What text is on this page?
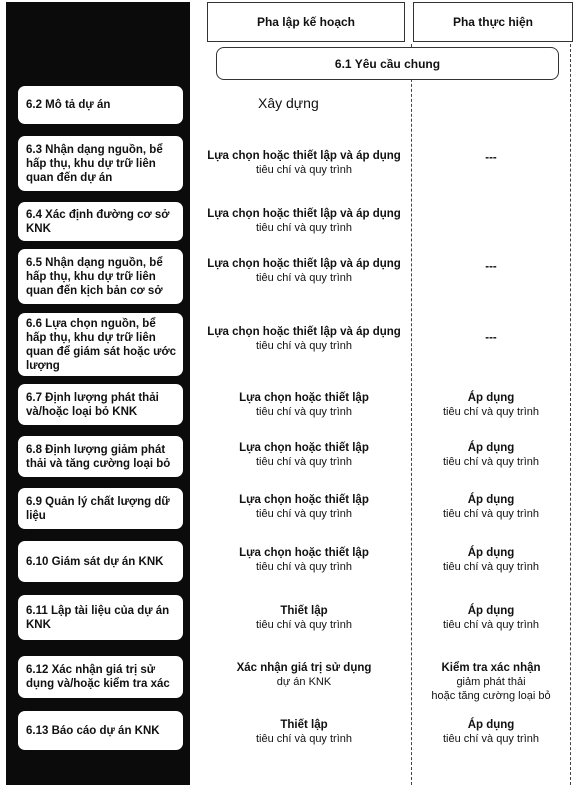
Pha lập kế hoạch	Pha thực hiện
6.1 Yêu cầu chung
6.2 Mô tả dự án
6.3 Nhận dạng nguồn, bể hấp thụ, khu dự trữ liên quan đến dự án
6.4 Xác định đường cơ sở KNK
6.5 Nhận dạng nguồn, bể hấp thụ, khu dự trữ liên quan đến kịch bản cơ sở
6.6 Lựa chọn nguồn, bể hấp thụ, khu dự trữ liên quan để giám sát hoặc ước lượng
6.7 Định lượng phát thải và/hoặc loại bỏ KNK
6.8 Định lượng giảm phát thải và tăng cường loại bỏ
6.9 Quản lý chất lượng dữ liệu
6.10 Giám sát dự án KNK
6.11 Lập tài liệu của dự án KNK
6.12 Xác nhận giá trị sử dụng và/hoặc kiểm tra xác
6.13 Báo cáo dự án KNK
Xây dựng
Lựa chọn hoặc thiết lập và áp dụng
tiêu chí và quy trình
Lựa chọn hoặc thiết lập và áp dụng
tiêu chí và quy trình
Lựa chọn hoặc thiết lập và áp dụng
tiêu chí và quy trình
Lựa chọn hoặc thiết lập và áp dụng
tiêu chí và quy trình
Lựa chọn hoặc thiết lập
tiêu chí và quy trình
Lựa chọn hoặc thiết lập
tiêu chí và quy trình
Lựa chọn hoặc thiết lập
tiêu chí và quy trình
Lựa chọn hoặc thiết lập
tiêu chí và quy trình
Thiết lập
tiêu chí và quy trình
Xác nhận giá trị sử dụng
dự án KNK
Thiết lập
tiêu chí và quy trình
---
---
---
Áp dụng
tiêu chí và quy trình
Áp dụng
tiêu chí và quy trình
Áp dụng
tiêu chí và quy trình
Áp dụng
tiêu chí và quy trình
Áp dụng
tiêu chí và quy trình
Kiểm tra xác nhận
giảm phát thải
hoặc tăng cường loại bỏ
Áp dụng
tiêu chí và quy trình
